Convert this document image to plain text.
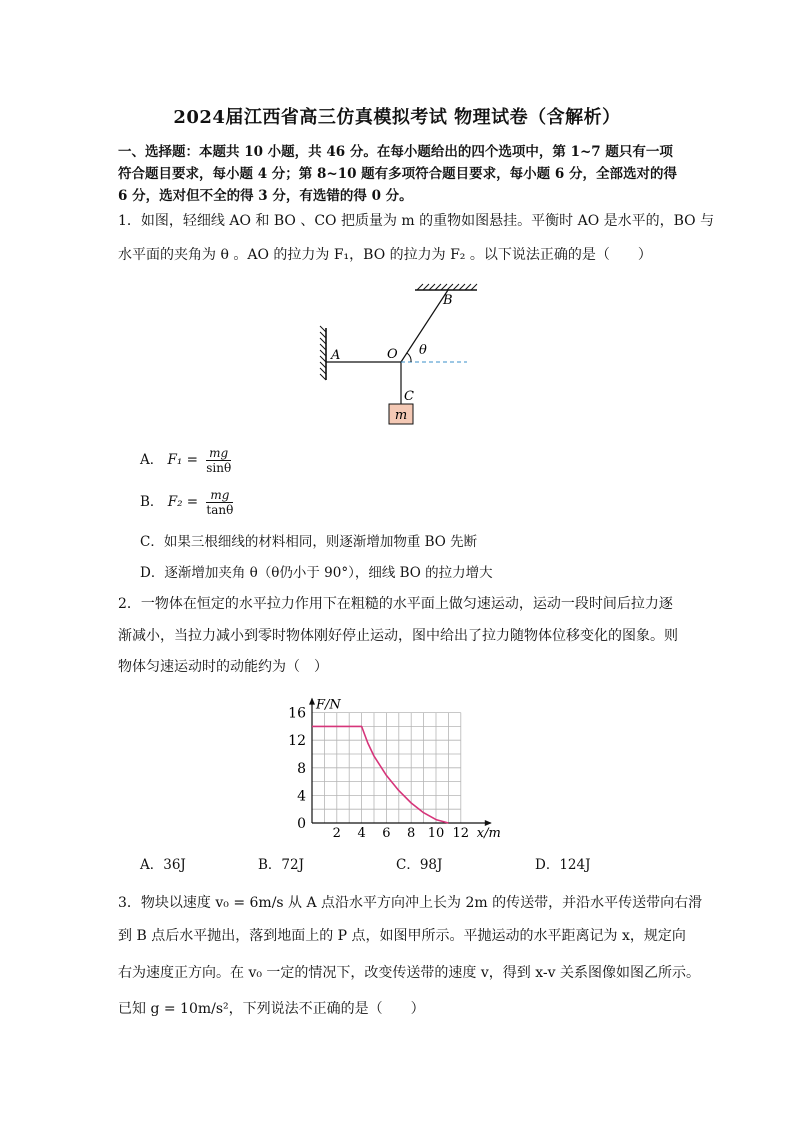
2024届江西省高三仿真模拟考试 物理试卷（含解析）
一、选择题：本题共 10 小题，共 46 分。在每小题给出的四个选项中，第 1~7 题只有一项
符合题目要求，每小题 4 分；第 8~10 题有多项符合题目要求，每小题 6 分，全部选对的得
6 分，选对但不全的得 3 分，有选错的得 0 分。
1．如图，轻细线 AO 和 BO 、CO 把质量为 m 的重物如图悬挂。平衡时 AO 是水平的，BO 与
水平面的夹角为 θ 。AO 的拉力为 F₁，BO 的拉力为 F₂ 。以下说法正确的是（　　）
A
B
O θ
C
m
A． $F_1 = \frac{mg}{\sin\theta}$
B． $F_2 = \frac{mg}{\tan\theta}$
C．如果三根细线的材料相同，则逐渐增加物重 BO 先断
D．逐渐增加夹角 θ（θ仍小于 90°），细线 BO 的拉力增大
2．一物体在恒定的水平拉力作用下在粗糙的水平面上做匀速运动，运动一段时间后拉力逐
渐减小，当拉力减小到零时物体刚好停止运动，图中给出了拉力随物体位移变化的图象。则
物体匀速运动时的动能约为（　）
0
4
8
12
16
2 4 6 8 10 12
F/N
x/m
A．36J	B．72J	C．98J	D．124J
3．物块以速度 v₀ = 6m/s 从 A 点沿水平方向冲上长为 2m 的传送带，并沿水平传送带向右滑
到 B 点后水平抛出，落到地面上的 P 点，如图甲所示。平抛运动的水平距离记为 x，规定向
右为速度正方向。在 v₀ 一定的情况下，改变传送带的速度 v，得到 x-v 关系图像如图乙所示。
已知 g = 10m/s²，下列说法不正确的是（　　）
